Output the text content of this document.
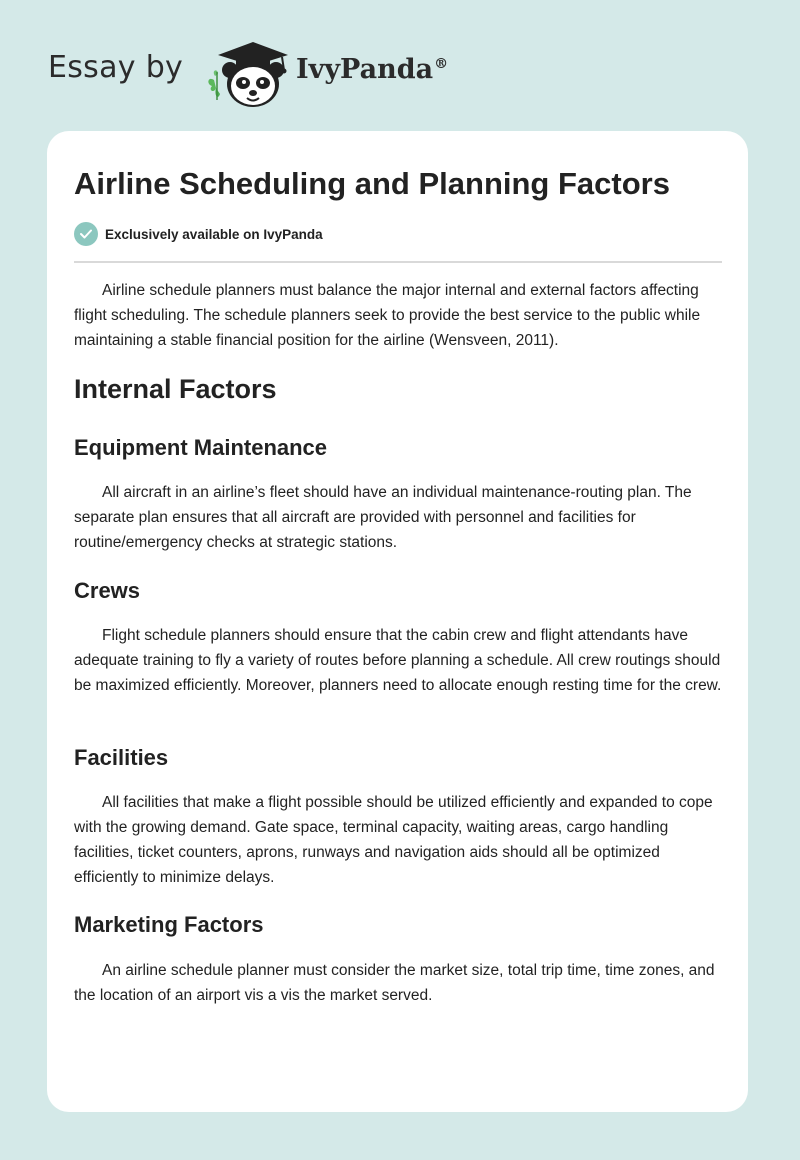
Essay by	IvyPanda®
Airline Scheduling and Planning Factors
Exclusively available on IvyPanda

Airline schedule planners must balance the major internal and external factors affecting flight scheduling. The schedule planners seek to provide the best service to the public while maintaining a stable financial position for the airline (Wensveen, 2011).

Internal Factors
Equipment Maintenance

All aircraft in an airline’s fleet should have an individual maintenance-routing plan. The separate plan ensures that all aircraft are provided with personnel and facilities for routine/emergency checks at strategic stations.

Crews

Flight schedule planners should ensure that the cabin crew and flight attendants have adequate training to fly a variety of routes before planning a schedule. All crew routings should be maximized efficiently. Moreover, planners need to allocate enough resting time for the crew.

Facilities

All facilities that make a flight possible should be utilized efficiently and expanded to cope with the growing demand. Gate space, terminal capacity, waiting areas, cargo handling facilities, ticket counters, aprons, runways and navigation aids should all be optimized efficiently to minimize delays.

Marketing Factors

An airline schedule planner must consider the market size, total trip time, time zones, and the location of an airport vis a vis the market served.
